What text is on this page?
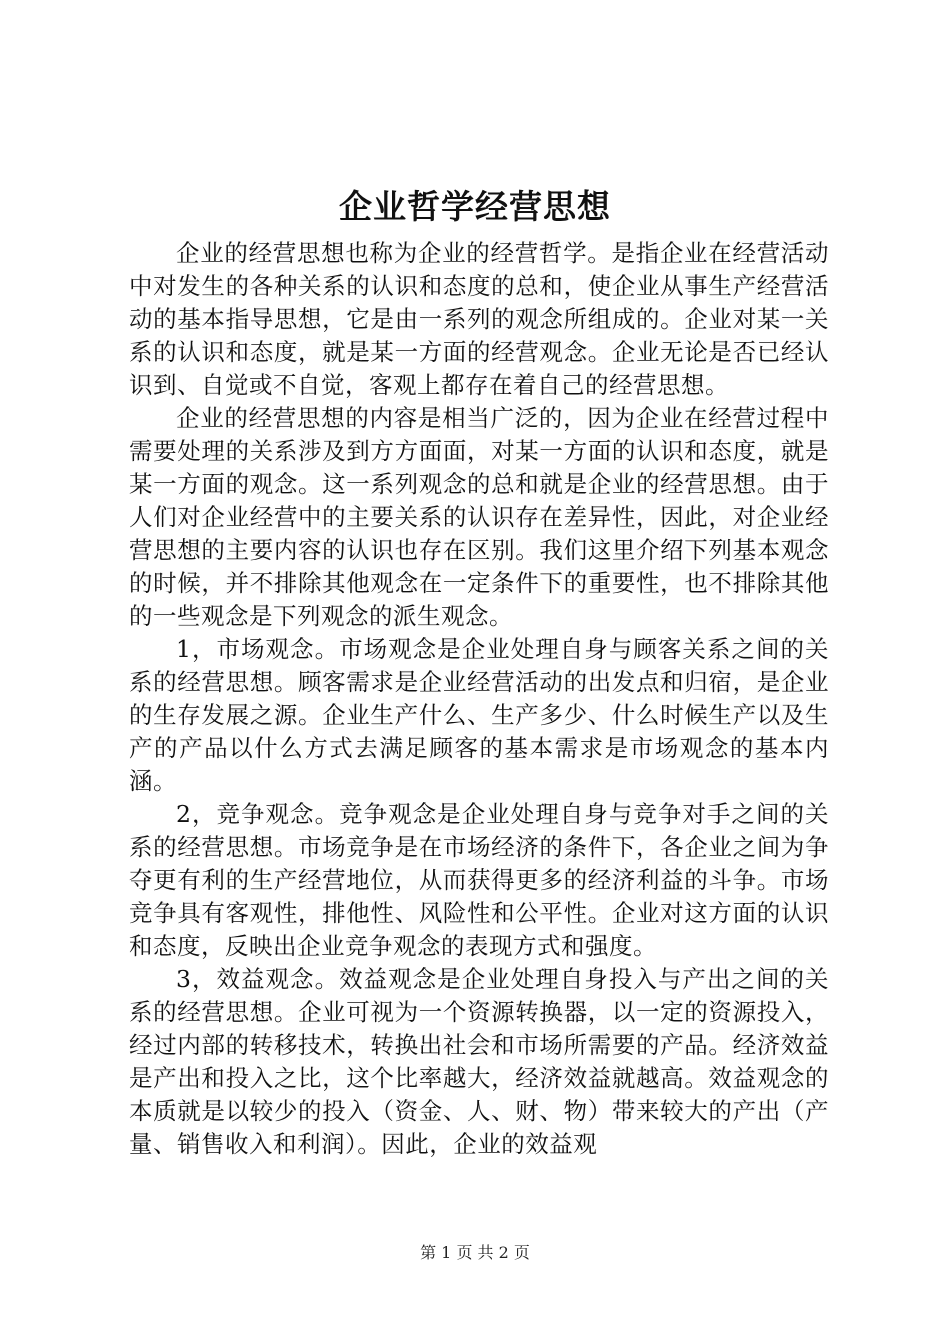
企业哲学经营思想

企业的经营思想也称为企业的经营哲学。是指企业在经营活动中对发生的各种关系的认识和态度的总和，使企业从事生产经营活动的基本指导思想，它是由一系列的观念所组成的。企业对某一关系的认识和态度，就是某一方面的经营观念。企业无论是否已经认识到、自觉或不自觉，客观上都存在着自己的经营思想。

企业的经营思想的内容是相当广泛的，因为企业在经营过程中需要处理的关系涉及到方方面面，对某一方面的认识和态度，就是某一方面的观念。这一系列观念的总和就是企业的经营思想。由于人们对企业经营中的主要关系的认识存在差异性，因此，对企业经营思想的主要内容的认识也存在区别。我们这里介绍下列基本观念的时候，并不排除其他观念在一定条件下的重要性，也不排除其他的一些观念是下列观念的派生观念。

1，市场观念。市场观念是企业处理自身与顾客关系之间的关系的经营思想。顾客需求是企业经营活动的出发点和归宿，是企业的生存发展之源。企业生产什么、生产多少、什么时候生产以及生产的产品以什么方式去满足顾客的基本需求是市场观念的基本内涵。

2，竞争观念。竞争观念是企业处理自身与竞争对手之间的关系的经营思想。市场竞争是在市场经济的条件下，各企业之间为争夺更有利的生产经营地位，从而获得更多的经济利益的斗争。市场竞争具有客观性，排他性、风险性和公平性。企业对这方面的认识和态度，反映出企业竞争观念的表现方式和强度。

3，效益观念。效益观念是企业处理自身投入与产出之间的关系的经营思想。企业可视为一个资源转换器，以一定的资源投入，经过内部的转移技术，转换出社会和市场所需要的产品。经济效益是产出和投入之比，这个比率越大，经济效益就越高。效益观念的本质就是以较少的投入（资金、人、财、物）带来较大的产出（产量、销售收入和利润）。因此，企业的效益观

第 1 页 共 2 页
